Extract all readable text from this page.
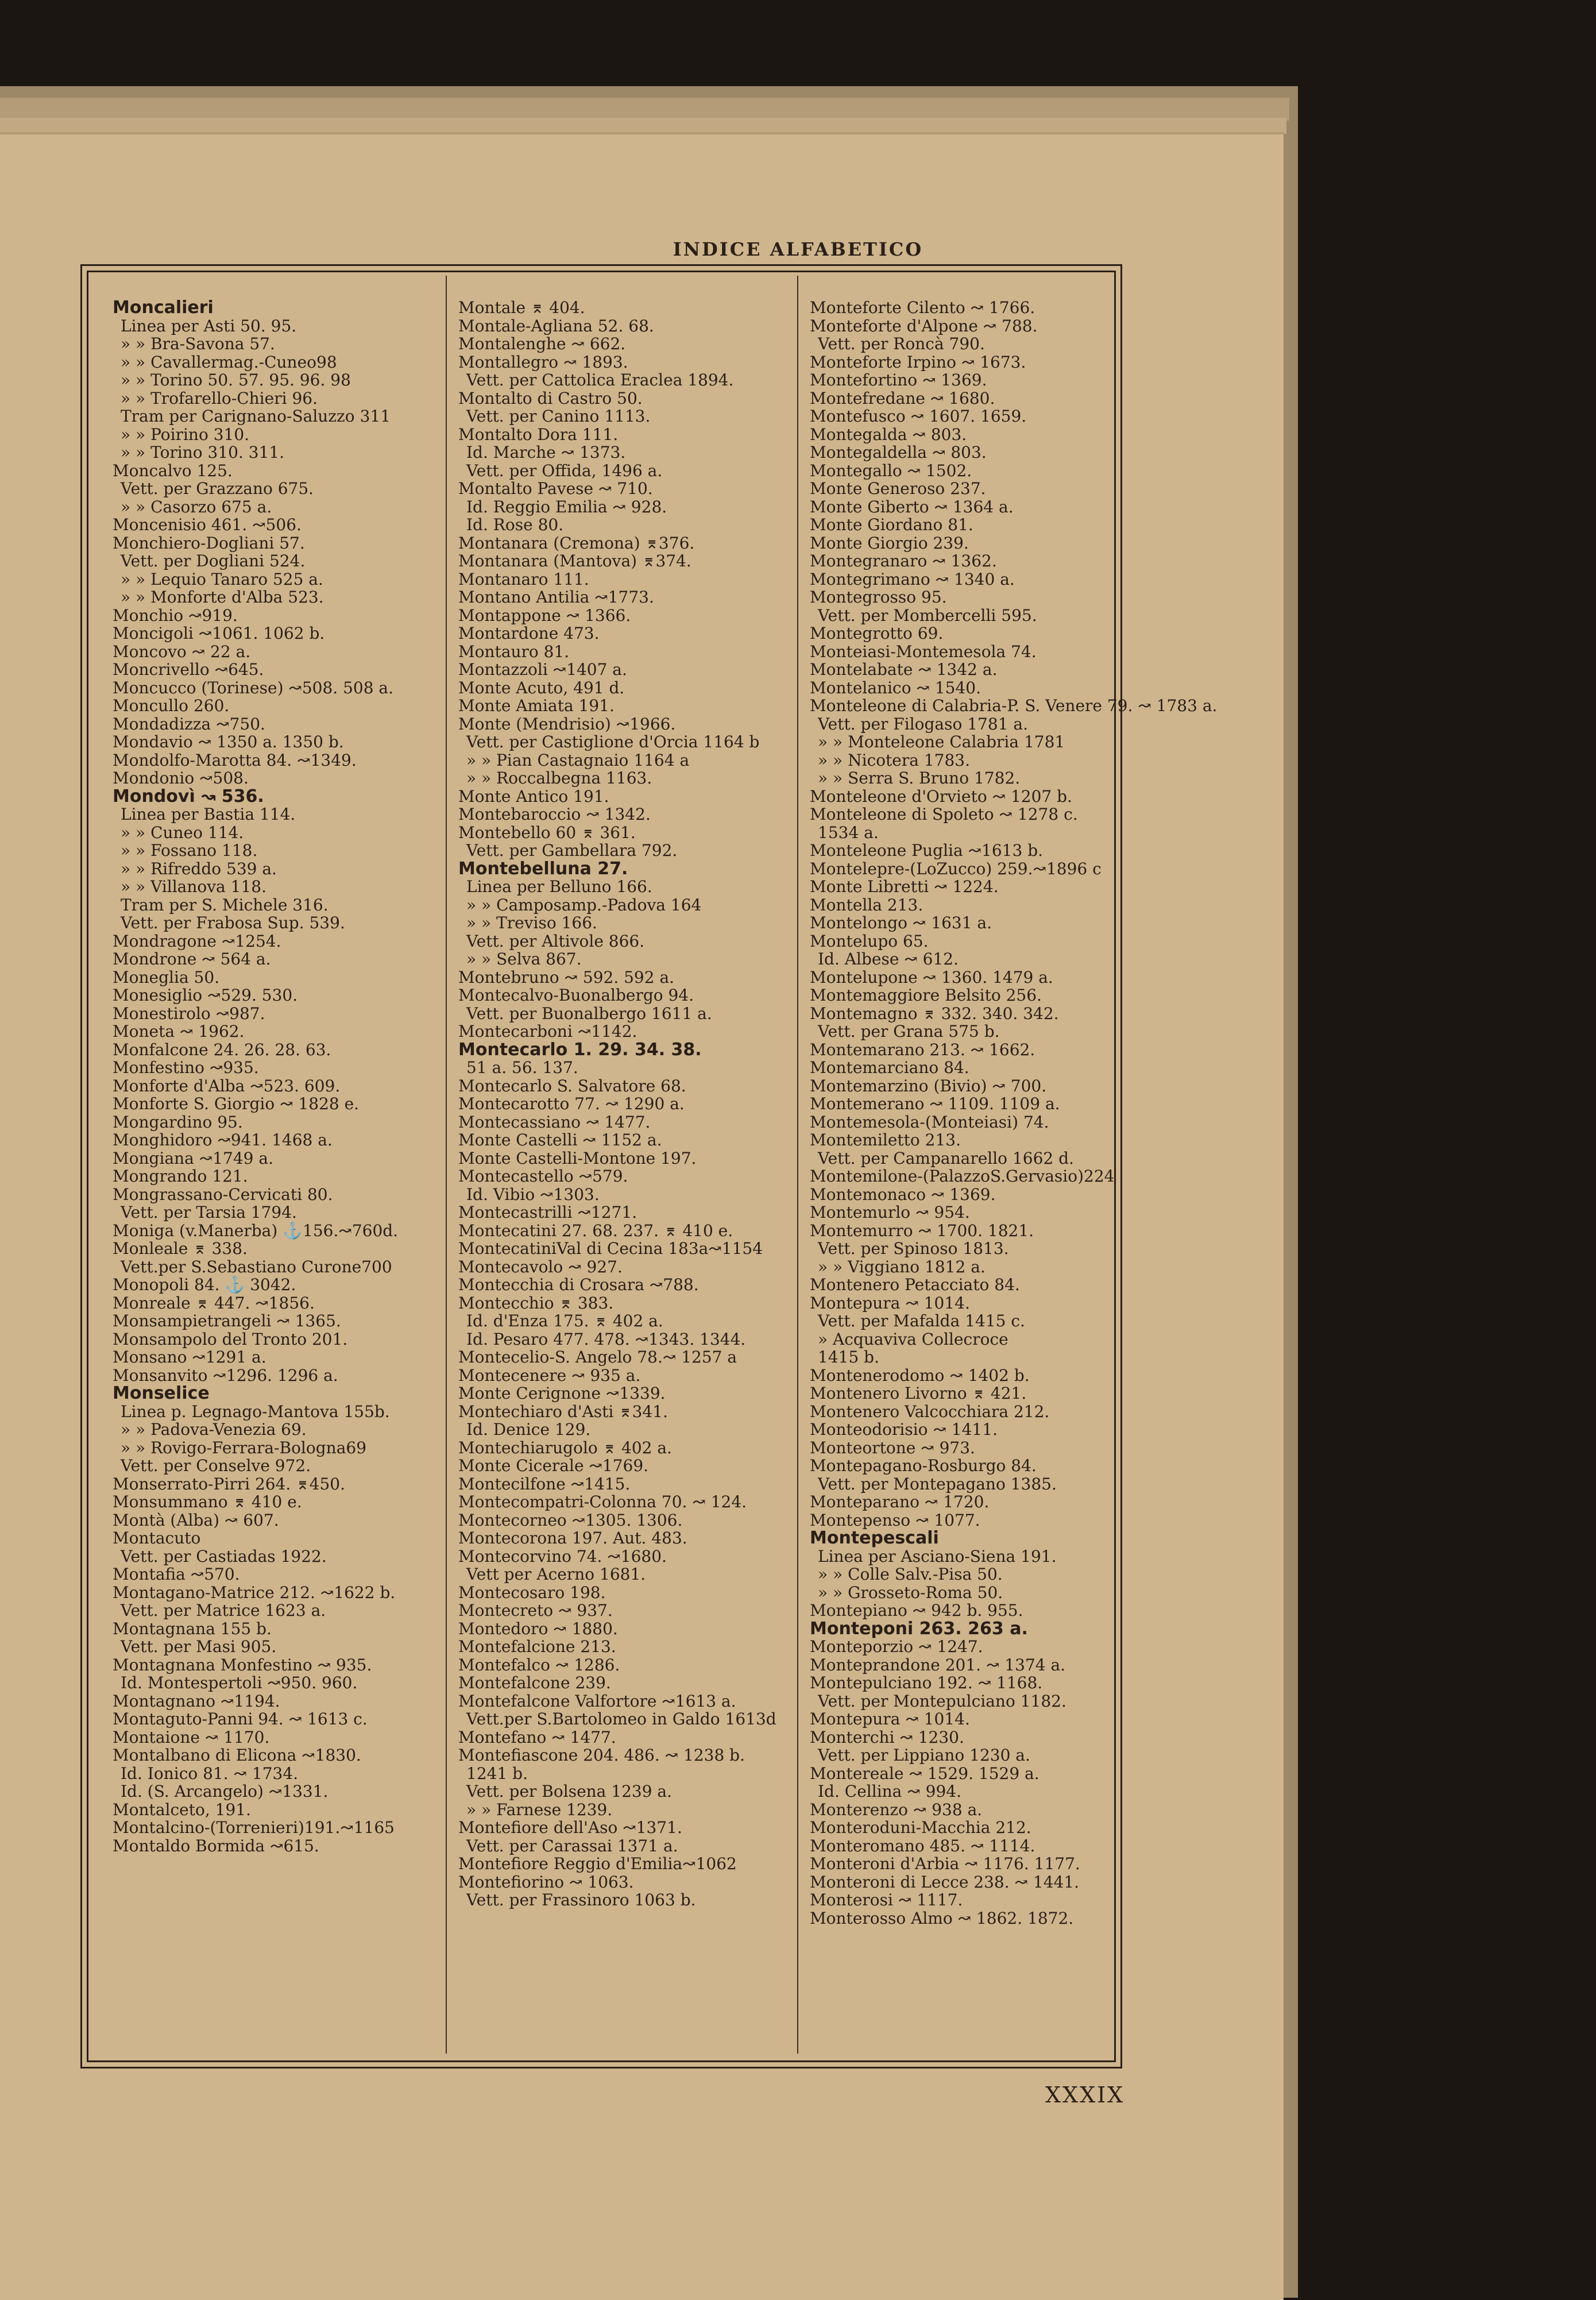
INDICE ALFABETICO
Moncalieri
Linea per Asti 50. 95.
» » Bra-Savona 57.
» » Cavallermag.-Cuneo98
» » Torino 50. 57. 95. 96. 98
» » Trofarello-Chieri 96.
Tram per Carignano-Saluzzo 311
» » Poirino 310.
» » Torino 310. 311.
Moncalvo 125.
Vett. per Grazzano 675.
» » Casorzo 675 a.
Moncenisio 461. ↝506.
Monchiero-Dogliani 57.
Vett. per Dogliani 524.
» » Lequio Tanaro 525 a.
» » Monforte d'Alba 523.
Monchio ↝919.
Moncigoli ↝1061. 1062 b.
Moncovo ↝ 22 a.
Moncrivello ↝645.
Moncucco (Torinese) ↝508. 508 a.
Moncullo 260.
Mondadizza ↝750.
Mondavio ↝ 1350 a. 1350 b.
Mondolfo-Marotta 84. ↝1349.
Mondonio ↝508.
Mondovì ↝ 536.
Linea per Bastia 114.
» » Cuneo 114.
» » Fossano 118.
» » Rifreddo 539 a.
» » Villanova 118.
Tram per S. Michele 316.
Vett. per Frabosa Sup. 539.
Mondragone ↝1254.
Mondrone ↝ 564 a.
Moneglia 50.
Monesiglio ↝529. 530.
Monestirolo ↝987.
Moneta ↝ 1962.
Monfalcone 24. 26. 28. 63.
Monfestino ↝935.
Monforte d'Alba ↝523. 609.
Monforte S. Giorgio ↝ 1828 e.
Mongardino 95.
Monghidoro ↝941. 1468 a.
Mongiana ↝1749 a.
Mongrando 121.
Mongrassano-Cervicati 80.
Vett. per Tarsia 1794.
Moniga (v.Manerba) ⚓156.↝760d.
Monleale ⌆ 338.
Vett.per S.Sebastiano Curone700
Monopoli 84. ⚓ 3042.
Monreale ⌆ 447. ↝1856.
Monsampietrangeli ↝ 1365.
Monsampolo del Tronto 201.
Monsano ↝1291 a.
Monsanvito ↝1296. 1296 a.
Monselice
Linea p. Legnago-Mantova 155b.
» » Padova-Venezia 69.
» » Rovigo-Ferrara-Bologna69
Vett. per Conselve 972.
Monserrato-Pirri 264. ⌆450.
Monsummano ⌆ 410 e.
Montà (Alba) ↝ 607.
Montacuto
Vett. per Castiadas 1922.
Montafia ↝570.
Montagano-Matrice 212. ↝1622 b.
Vett. per Matrice 1623 a.
Montagnana 155 b.
Vett. per Masi 905.
Montagnana Monfestino ↝ 935.
Id. Montespertoli ↝950. 960.
Montagnano ↝1194.
Montaguto-Panni 94. ↝ 1613 c.
Montaione ↝ 1170.
Montalbano di Elicona ↝1830.
Id. Ionico 81. ↝ 1734.
Id. (S. Arcangelo) ↝1331.
Montalceto, 191.
Montalcino-(Torrenieri)191.↝1165
Montaldo Bormida ↝615.
Montale ⌆ 404.
Montale-Agliana 52. 68.
Montalenghe ↝ 662.
Montallegro ↝ 1893.
Vett. per Cattolica Eraclea 1894.
Montalto di Castro 50.
Vett. per Canino 1113.
Montalto Dora 111.
Id. Marche ↝ 1373.
Vett. per Offida, 1496 a.
Montalto Pavese ↝ 710.
Id. Reggio Emilia ↝ 928.
Id. Rose 80.
Montanara (Cremona) ⌆376.
Montanara (Mantova) ⌆374.
Montanaro 111.
Montano Antilia ↝1773.
Montappone ↝ 1366.
Montardone 473.
Montauro 81.
Montazzoli ↝1407 a.
Monte Acuto, 491 d.
Monte Amiata 191.
Monte (Mendrisio) ↝1966.
Vett. per Castiglione d'Orcia 1164 b
» » Pian Castagnaio 1164 a
» » Roccalbegna 1163.
Monte Antico 191.
Montebaroccio ↝ 1342.
Montebello 60 ⌆ 361.
Vett. per Gambellara 792.
Montebelluna 27.
Linea per Belluno 166.
» » Camposamp.-Padova 164
» » Treviso 166.
Vett. per Altivole 866.
» » Selva 867.
Montebruno ↝ 592. 592 a.
Montecalvo-Buonalbergo 94.
Vett. per Buonalbergo 1611 a.
Montecarboni ↝1142.
Montecarlo 1. 29. 34. 38.
51 a. 56. 137.
Montecarlo S. Salvatore 68.
Montecarotto 77. ↝ 1290 a.
Montecassiano ↝ 1477.
Monte Castelli ↝ 1152 a.
Monte Castelli-Montone 197.
Montecastello ↝579.
Id. Vibio ↝1303.
Montecastrilli ↝1271.
Montecatini 27. 68. 237. ⌆ 410 e.
MontecatiniVal di Cecina 183a↝1154
Montecavolo ↝ 927.
Montecchia di Crosara ↝788.
Montecchio ⌆ 383.
Id. d'Enza 175. ⌆ 402 a.
Id. Pesaro 477. 478. ↝1343. 1344.
Montecelio-S. Angelo 78.↝ 1257 a
Montecenere ↝ 935 a.
Monte Cerignone ↝1339.
Montechiaro d'Asti ⌆341.
Id. Denice 129.
Montechiarugolo ⌆ 402 a.
Monte Cicerale ↝1769.
Montecilfone ↝1415.
Montecompatri-Colonna 70. ↝ 124.
Montecorneo ↝1305. 1306.
Montecorona 197. Aut. 483.
Montecorvino 74. ↝1680.
Vett per Acerno 1681.
Montecosaro 198.
Montecreto ↝ 937.
Montedoro ↝ 1880.
Montefalcione 213.
Montefalco ↝ 1286.
Montefalcone 239.
Montefalcone Valfortore ↝1613 a.
Vett.per S.Bartolomeo in Galdo 1613d
Montefano ↝ 1477.
Montefiascone 204. 486. ↝ 1238 b.
1241 b.
Vett. per Bolsena 1239 a.
» » Farnese 1239.
Montefiore dell'Aso ↝1371.
Vett. per Carassai 1371 a.
Montefiore Reggio d'Emilia↝1062
Montefiorino ↝ 1063.
Vett. per Frassinoro 1063 b.
Monteforte Cilento ↝ 1766.
Monteforte d'Alpone ↝ 788.
Vett. per Roncà 790.
Monteforte Irpino ↝ 1673.
Montefortino ↝ 1369.
Montefredane ↝ 1680.
Montefusco ↝ 1607. 1659.
Montegalda ↝ 803.
Montegaldella ↝ 803.
Montegallo ↝ 1502.
Monte Generoso 237.
Monte Giberto ↝ 1364 a.
Monte Giordano 81.
Monte Giorgio 239.
Montegranaro ↝ 1362.
Montegrimano ↝ 1340 a.
Montegrosso 95.
Vett. per Mombercelli 595.
Montegrotto 69.
Monteiasi-Montemesola 74.
Montelabate ↝ 1342 a.
Montelanico ↝ 1540.
Monteleone di Calabria-P. S. Venere 79. ↝ 1783 a.
Vett. per Filogaso 1781 a.
» » Monteleone Calabria 1781
» » Nicotera 1783.
» » Serra S. Bruno 1782.
Monteleone d'Orvieto ↝ 1207 b.
Monteleone di Spoleto ↝ 1278 c.
1534 a.
Monteleone Puglia ↝1613 b.
Montelepre-(LoZucco) 259.↝1896 c
Monte Libretti ↝ 1224.
Montella 213.
Montelongo ↝ 1631 a.
Montelupo 65.
Id. Albese ↝ 612.
Montelupone ↝ 1360. 1479 a.
Montemaggiore Belsito 256.
Montemagno ⌆ 332. 340. 342.
Vett. per Grana 575 b.
Montemarano 213. ↝ 1662.
Montemarciano 84.
Montemarzino (Bivio) ↝ 700.
Montemerano ↝ 1109. 1109 a.
Montemesola-(Monteiasi) 74.
Montemiletto 213.
Vett. per Campanarello 1662 d.
Montemilone-(PalazzoS.Gervasio)224
Montemonaco ↝ 1369.
Montemurlo ↝ 954.
Montemurro ↝ 1700. 1821.
Vett. per Spinoso 1813.
» » Viggiano 1812 a.
Montenero Petacciato 84.
Montepura ↝ 1014.
Vett. per Mafalda 1415 c.
» Acquaviva Collecroce
1415 b.
Montenerodomo ↝ 1402 b.
Montenero Livorno ⌆ 421.
Montenero Valcocchiara 212.
Monteodorisio ↝ 1411.
Monteortone ↝ 973.
Montepagano-Rosburgo 84.
Vett. per Montepagano 1385.
Monteparano ↝ 1720.
Montepenso ↝ 1077.
Montepescali
Linea per Asciano-Siena 191.
» » Colle Salv.-Pisa 50.
» » Grosseto-Roma 50.
Montepiano ↝ 942 b. 955.
Monteponi 263. 263 a.
Monteporzio ↝ 1247.
Monteprandone 201. ↝ 1374 a.
Montepulciano 192. ↝ 1168.
Vett. per Montepulciano 1182.
Montepura ↝ 1014.
Monterchi ↝ 1230.
Vett. per Lippiano 1230 a.
Montereale ↝ 1529. 1529 a.
Id. Cellina ↝ 994.
Monterenzo ↝ 938 a.
Monteroduni-Macchia 212.
Monteromano 485. ↝ 1114.
Monteroni d'Arbia ↝ 1176. 1177.
Monteroni di Lecce 238. ↝ 1441.
Monterosi ↝ 1117.
Monterosso Almo ↝ 1862. 1872.
XXXIX
